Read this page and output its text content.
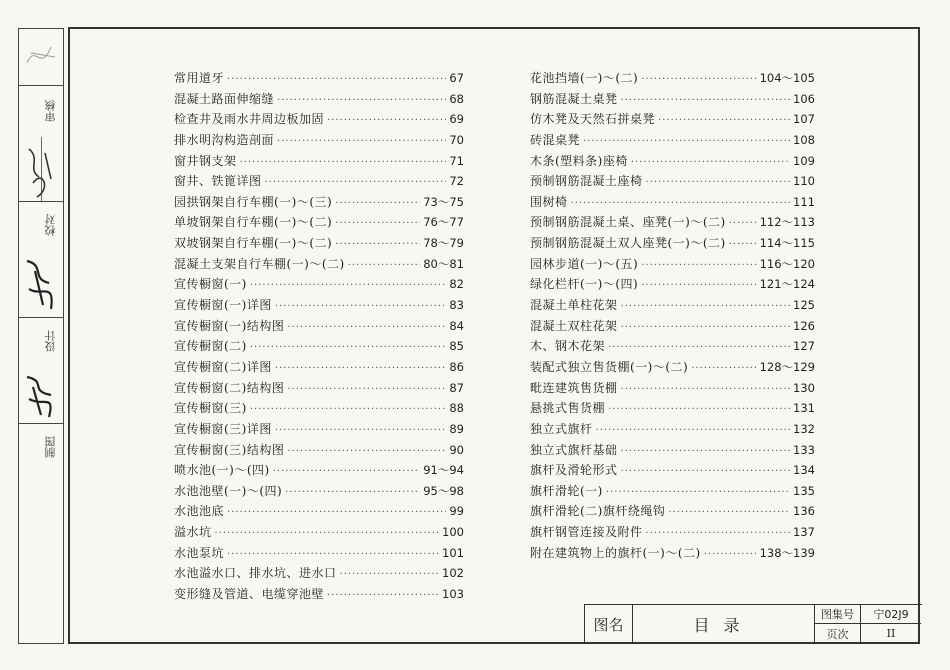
审核
校对
设计
制图
常用道牙 ·····	67
混凝土路面伸缩缝 ·····	68
检查井及雨水井周边板加固 ·····	69
排水明沟构造剖面 ·····	70
窗井钢支架 ·····	71
窗井、铁篦详图 ·····	72
园拱钢架自行车棚(一)～(三) ·····	73～75
单坡钢架自行车棚(一)～(二) ·····	76～77
双坡钢架自行车棚(一)～(二) ·····	78～79
混凝土支架自行车棚(一)～(二) ·····	80～81
宣传橱窗(一) ·····	82
宣传橱窗(一)详图 ·····	83
宣传橱窗(一)结构图 ·····	84
宣传橱窗(二) ·····	85
宣传橱窗(二)详图 ·····	86
宣传橱窗(二)结构图 ·····	87
宣传橱窗(三) ·····	88
宣传橱窗(三)详图 ·····	89
宣传橱窗(三)结构图 ·····	90
喷水池(一)～(四) ·····	91～94
水池池壁(一)～(四) ·····	95～98
水池池底 ·····	99
溢水坑 ·····	100
水池泵坑 ·····	101
水池溢水口、排水坑、进水口 ·····	102
变形缝及管道、电缆穿池壁 ·····	103
花池挡墙(一)～(二) ·····	104～105
钢筋混凝土桌凳 ·····	106
仿木凳及天然石拼桌凳 ·····	107
砖混桌凳 ·····	108
木条(塑料条)座椅 ·····	109
预制钢筋混凝土座椅 ·····	110
围树椅 ·····	111
预制钢筋混凝土桌、座凳(一)～(二) ·····	112～113
预制钢筋混凝土双人座凳(一)～(二) ·····	114～115
园林步道(一)～(五) ·····	116～120
绿化栏杆(一)～(四) ·····	121～124
混凝土单柱花架 ·····	125
混凝土双柱花架 ·····	126
木、钢木花架 ·····	127
装配式独立售货棚(一)～(二) ·····	128～129
毗连建筑售货棚 ·····	130
悬挑式售货棚 ·····	131
独立式旗杆 ·····	132
独立式旗杆基础 ·····	133
旗杆及滑轮形式 ·····	134
旗杆滑轮(一) ·····	135
旗杆滑轮(二)旗杆绕绳钩 ·····	136
旗杆钢管连接及附件 ·····	137
附在建筑物上的旗杆(一)～(二) ·····	138～139
图名	目录
图集号	宁02J9
页次	II
